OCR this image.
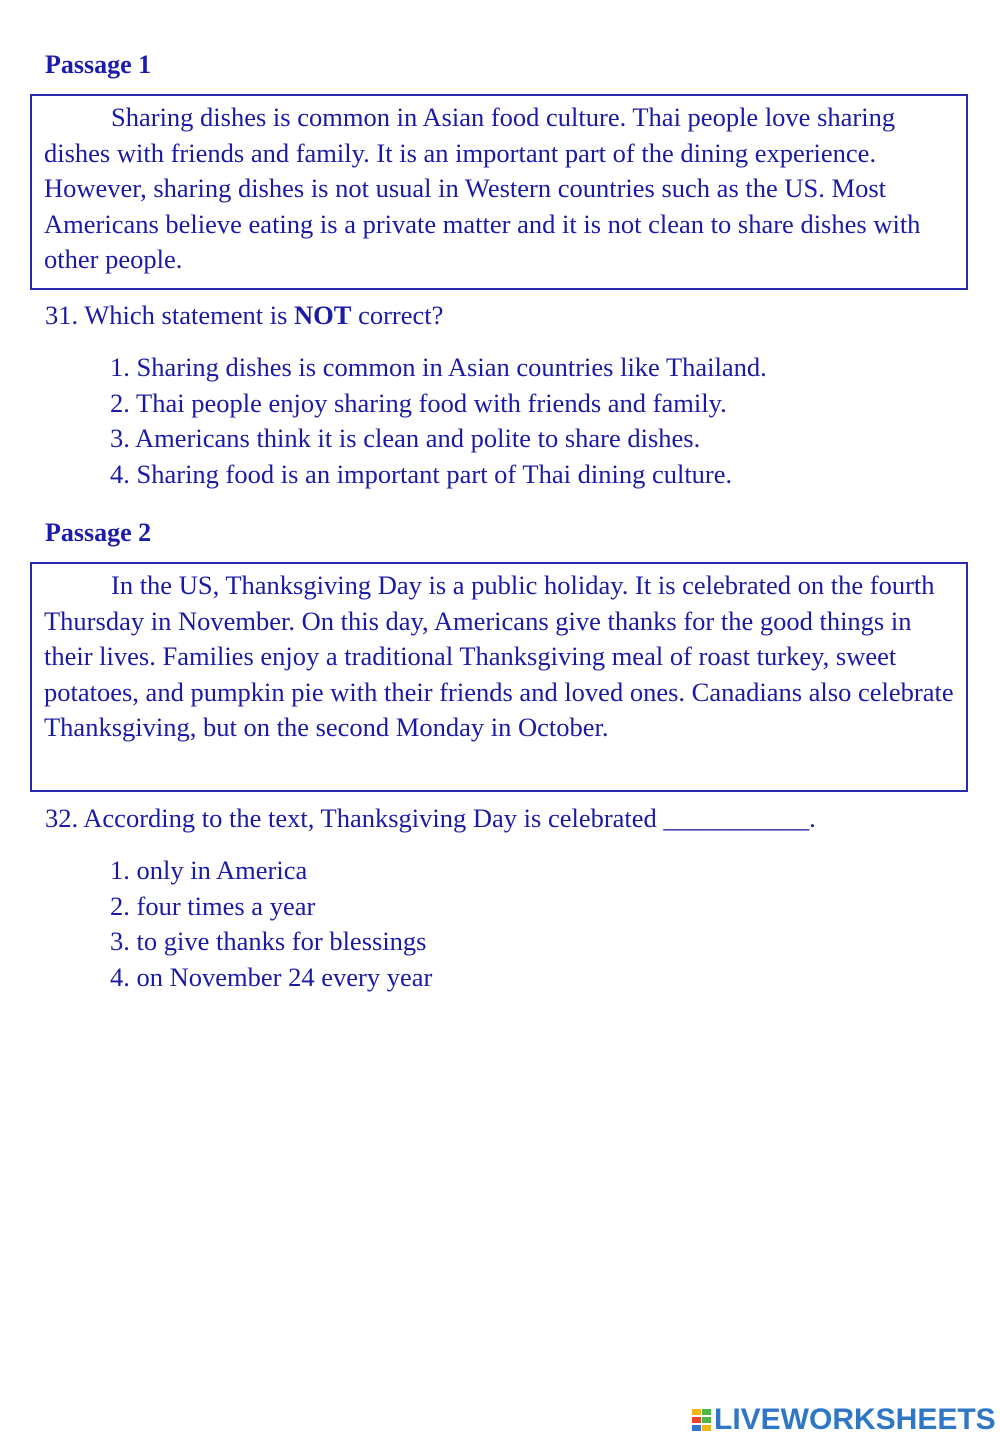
Passage 1

Sharing dishes is common in Asian food culture. Thai people love sharing dishes with friends and family. It is an important part of the dining experience. However, sharing dishes is not usual in Western countries such as the US. Most Americans believe eating is a private matter and it is not clean to share dishes with other people.

31. Which statement is NOT correct?
1. Sharing dishes is common in Asian countries like Thailand.
2. Thai people enjoy sharing food with friends and family.
3. Americans think it is clean and polite to share dishes.
4. Sharing food is an important part of Thai dining culture.
Passage 2

In the US, Thanksgiving Day is a public holiday. It is celebrated on the fourth Thursday in November. On this day, Americans give thanks for the good things in their lives. Families enjoy a traditional Thanksgiving meal of roast turkey, sweet potatoes, and pumpkin pie with their friends and loved ones. Canadians also celebrate Thanksgiving, but on the second Monday in October.

32. According to the text, Thanksgiving Day is celebrated ___________.
1. only in America
2. four times a year
3. to give thanks for blessings
4. on November 24 every year
LIVEWORKSHEETS
